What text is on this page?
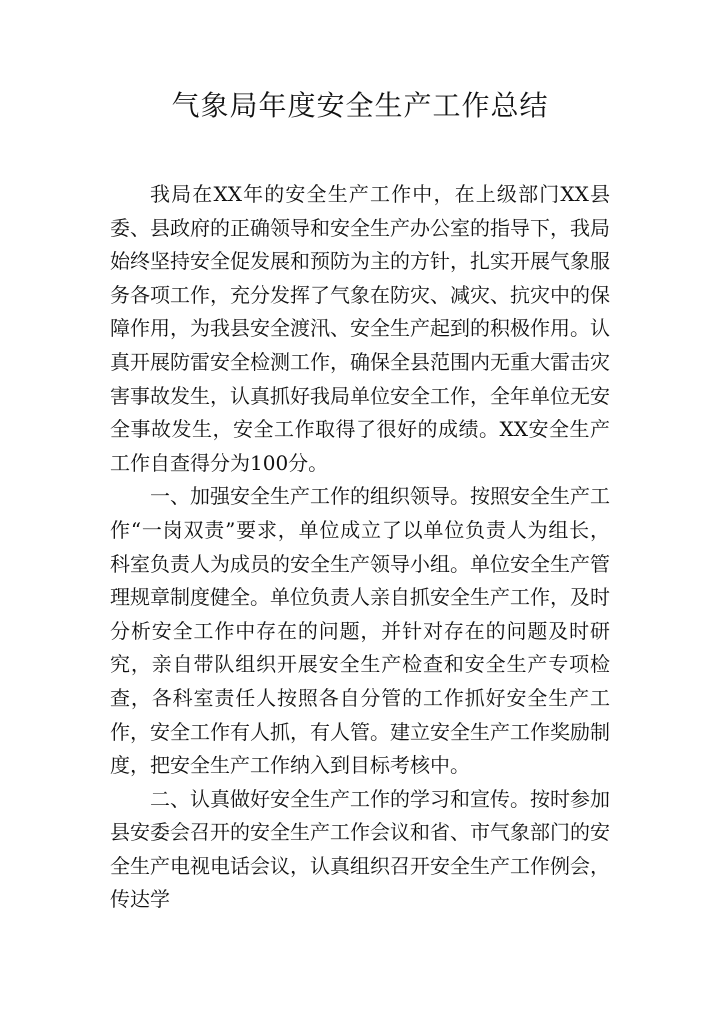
气象局年度安全生产工作总结

我局在XX年的安全生产工作中，在上级部门XX县委、县政府的正确领导和安全生产办公室的指导下，我局始终坚持安全促发展和预防为主的方针，扎实开展气象服务各项工作，充分发挥了气象在防灾、减灾、抗灾中的保障作用，为我县安全渡汛、安全生产起到的积极作用。认真开展防雷安全检测工作，确保全县范围内无重大雷击灾害事故发生，认真抓好我局单位安全工作，全年单位无安全事故发生，安全工作取得了很好的成绩。XX安全生产工作自查得分为100分。

一、加强安全生产工作的组织领导。按照安全生产工作“一岗双责”要求，单位成立了以单位负责人为组长，科室负责人为成员的安全生产领导小组。单位安全生产管理规章制度健全。单位负责人亲自抓安全生产工作，及时分析安全工作中存在的问题，并针对存在的问题及时研究，亲自带队组织开展安全生产检查和安全生产专项检查，各科室责任人按照各自分管的工作抓好安全生产工作，安全工作有人抓，有人管。建立安全生产工作奖励制度，把安全生产工作纳入到目标考核中。

二、认真做好安全生产工作的学习和宣传。按时参加县安委会召开的安全生产工作会议和省、市气象部门的安全生产电视电话会议，认真组织召开安全生产工作例会，传达学
